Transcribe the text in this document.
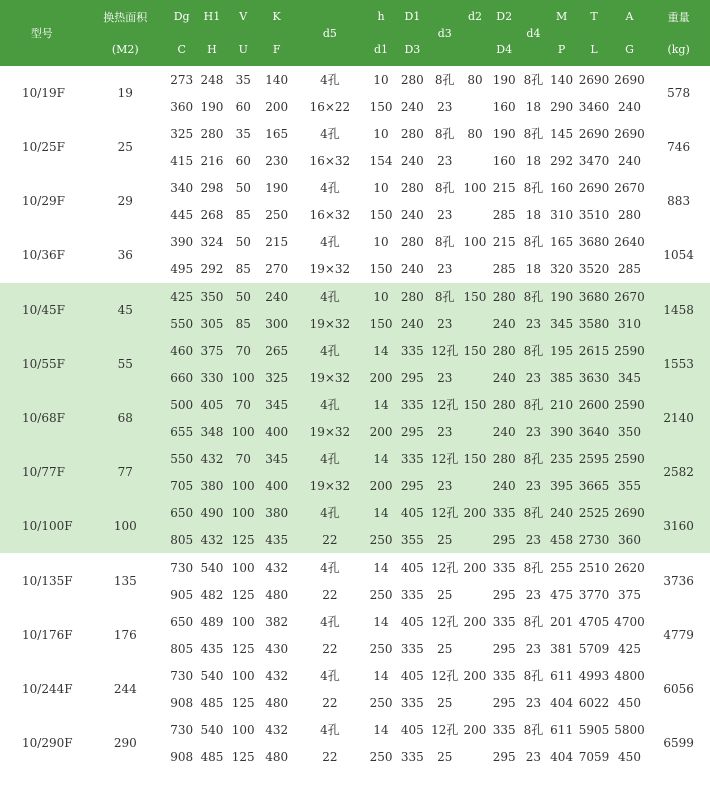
型号	换热面积	Dg	H1	V	K	d5	h	D1	d3	d2	D2	d4	M	T	A	重量
	(M2)	C	H	U	F		d1	D3			D4		P	L	G	(kg)
10/19F	19	273	248	35	140	4孔	10	280	8孔	80	190	8孔	140	2690	2690	578
		360	190	60	200	16×22	150	240	23		160	18	290	3460	240	
10/25F	25	325	280	35	165	4孔	10	280	8孔	80	190	8孔	145	2690	2690	746
		415	216	60	230	16×32	154	240	23		160	18	292	3470	240	
10/29F	29	340	298	50	190	4孔	10	280	8孔	100	215	8孔	160	2690	2670	883
		445	268	85	250	16×32	150	240	23		285	18	310	3510	280	
10/36F	36	390	324	50	215	4孔	10	280	8孔	100	215	8孔	165	3680	2640	1054
		495	292	85	270	19×32	150	240	23		285	18	320	3520	285	
10/45F	45	425	350	50	240	4孔	10	280	8孔	150	280	8孔	190	3680	2670	1458
		550	305	85	300	19×32	150	240	23		240	23	345	3580	310	
10/55F	55	460	375	70	265	4孔	14	335	12孔	150	280	8孔	195	2615	2590	1553
		660	330	100	325	19×32	200	295	23		240	23	385	3630	345	
10/68F	68	500	405	70	345	4孔	14	335	12孔	150	280	8孔	210	2600	2590	2140
		655	348	100	400	19×32	200	295	23		240	23	390	3640	350	
10/77F	77	550	432	70	345	4孔	14	335	12孔	150	280	8孔	235	2595	2590	2582
		705	380	100	400	19×32	200	295	23		240	23	395	3665	355	
10/100F	100	650	490	100	380	4孔	14	405	12孔	200	335	8孔	240	2525	2690	3160
		805	432	125	435	22	250	355	25		295	23	458	2730	360	
10/135F	135	730	540	100	432	4孔	14	405	12孔	200	335	8孔	255	2510	2620	3736
		905	482	125	480	22	250	335	25		295	23	475	3770	375	
10/176F	176	650	489	100	382	4孔	14	405	12孔	200	335	8孔	201	4705	4700	4779
		805	435	125	430	22	250	335	25		295	23	381	5709	425	
10/244F	244	730	540	100	432	4孔	14	405	12孔	200	335	8孔	611	4993	4800	6056
		908	485	125	480	22	250	335	25		295	23	404	6022	450	
10/290F	290	730	540	100	432	4孔	14	405	12孔	200	335	8孔	611	5905	5800	6599
		908	485	125	480	22	250	335	25		295	23	404	7059	450	
